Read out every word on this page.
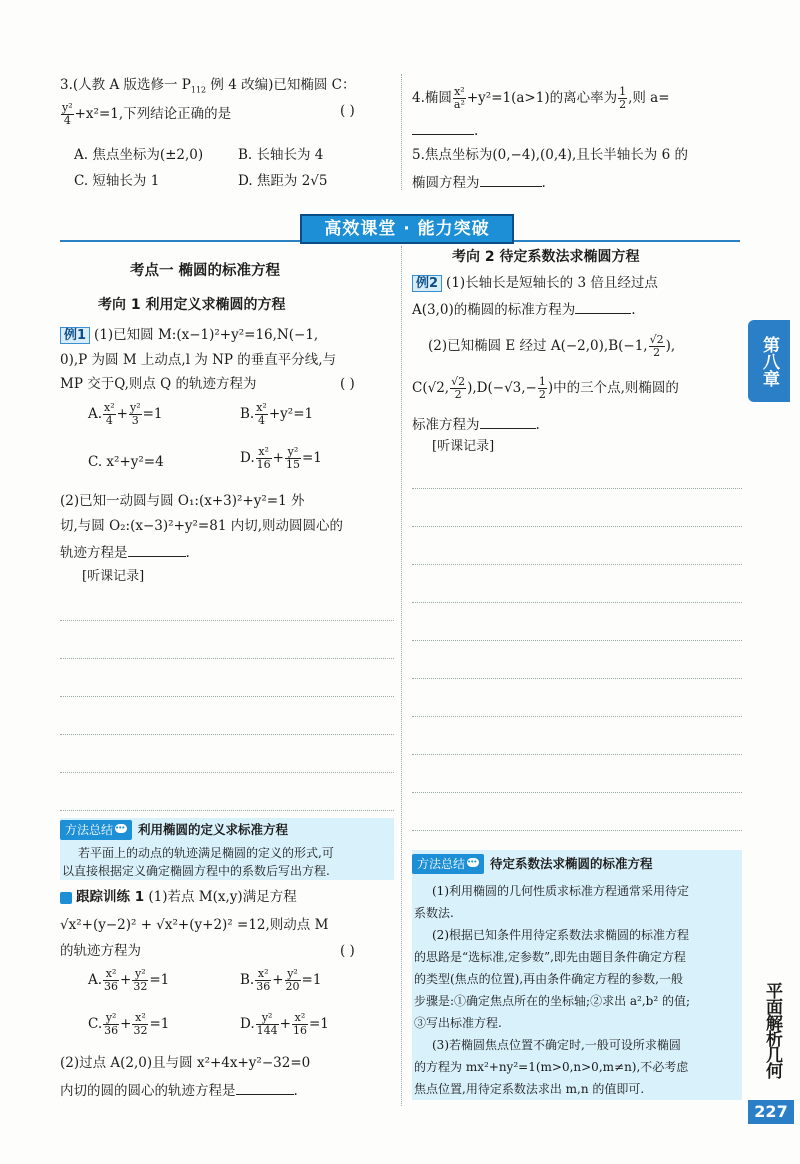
3.(人教 A 版选修一 $P_{112}$ 例 4 改编)已知椭圆 C：
$\frac{\text{y²}}{4} +x^2=1$,下列结论正确的是	( )
A. 焦点坐标为(±2,0)	B. 长轴长为 4
C. 短轴长为 1	D. 焦距为 2√5
4.椭圆 $\frac{\text{x²}}{\text{a²}} +y^2=1(a>1)$的离心率为 $\frac{1}{2}$ ,则 a=
.
5.焦点坐标为(0,−4),(0,4),且长半轴长为 6 的
椭圆方程为	.
高效课堂 · 能力突破
考点一 椭圆的标准方程
考向 1 利用定义求椭圆的方程
例1 (1)已知圆 M:(x−1)²+y²=16,N(−1,
0),P 为圆 M 上动点,l 为 NP 的垂直平分线,与
MP 交于Q,则点 Q 的轨迹方程为	( )
A. $\frac{\text{x²}}{4} + \frac{\text{y²}}{3} =1$	B. $\frac{\text{x²}}{4} +y^2=1$
C. x²+y²=4	D. $\frac{\text{x²}}{16} + \frac{\text{y²}}{15} =1$
(2)已知一动圆与圆 O₁:(x+3)²+y²=1 外
切,与圆 O₂:(x−3)²+y²=81 内切,则动圆圆心的
轨迹方程是	.
[听课记录]
方法总结 ••• 利用椭圆的定义求标准方程
若平面上的动点的轨迹满足椭圆的定义的形式,可
以直接根据定义确定椭圆方程中的系数后写出方程.
跟踪训练 1 (1)若点 M(x,y)满足方程
√x²+(y−2)² + √x²+(y+2)² =12,则动点 M
的轨迹方程为	( )
A. $\frac{\text{x²}}{36} + \frac{\text{y²}}{32} =1$	B. $\frac{\text{x²}}{36} + \frac{\text{y²}}{20} =1$
C. $\frac{\text{y²}}{36} + \frac{\text{x²}}{32} =1$	D. $\frac{\text{y²}}{144} + \frac{\text{x²}}{16} =1$
(2)过点 A(2,0)且与圆 x²+4x+y²−32=0
内切的圆的圆心的轨迹方程是	.
考向 2 待定系数法求椭圆方程
例2 (1)长轴长是短轴长的 3 倍且经过点
A(3,0)的椭圆的标准方程为	.
(2)已知椭圆 E 经过 A(−2,0),B(−1, $\frac{√2}{2}$ ),
C(√2, $\frac{√2}{2} ),D(-√3,- \frac{1}{2}$ )中的三个点,则椭圆的
标准方程为	.
[听课记录]
方法总结 ••• 待定系数法求椭圆的标准方程
(1)利用椭圆的几何性质求标准方程通常采用待定
系数法.
(2)根据已知条件用待定系数法求椭圆的标准方程
的思路是“选标准,定参数”,即先由题目条件确定方程
的类型(焦点的位置),再由条件确定方程的参数,一般
步骤是:①确定焦点所在的坐标轴;②求出 a²,b² 的值;
③写出标准方程.
(3)若椭圆焦点位置不确定时,一般可设所求椭圆
的方程为 mx²+ny²=1(m>0,n>0,m≠n),不必考虑
焦点位置,用待定系数法求出 m,n 的值即可.
第八章
平面解析几何
227
